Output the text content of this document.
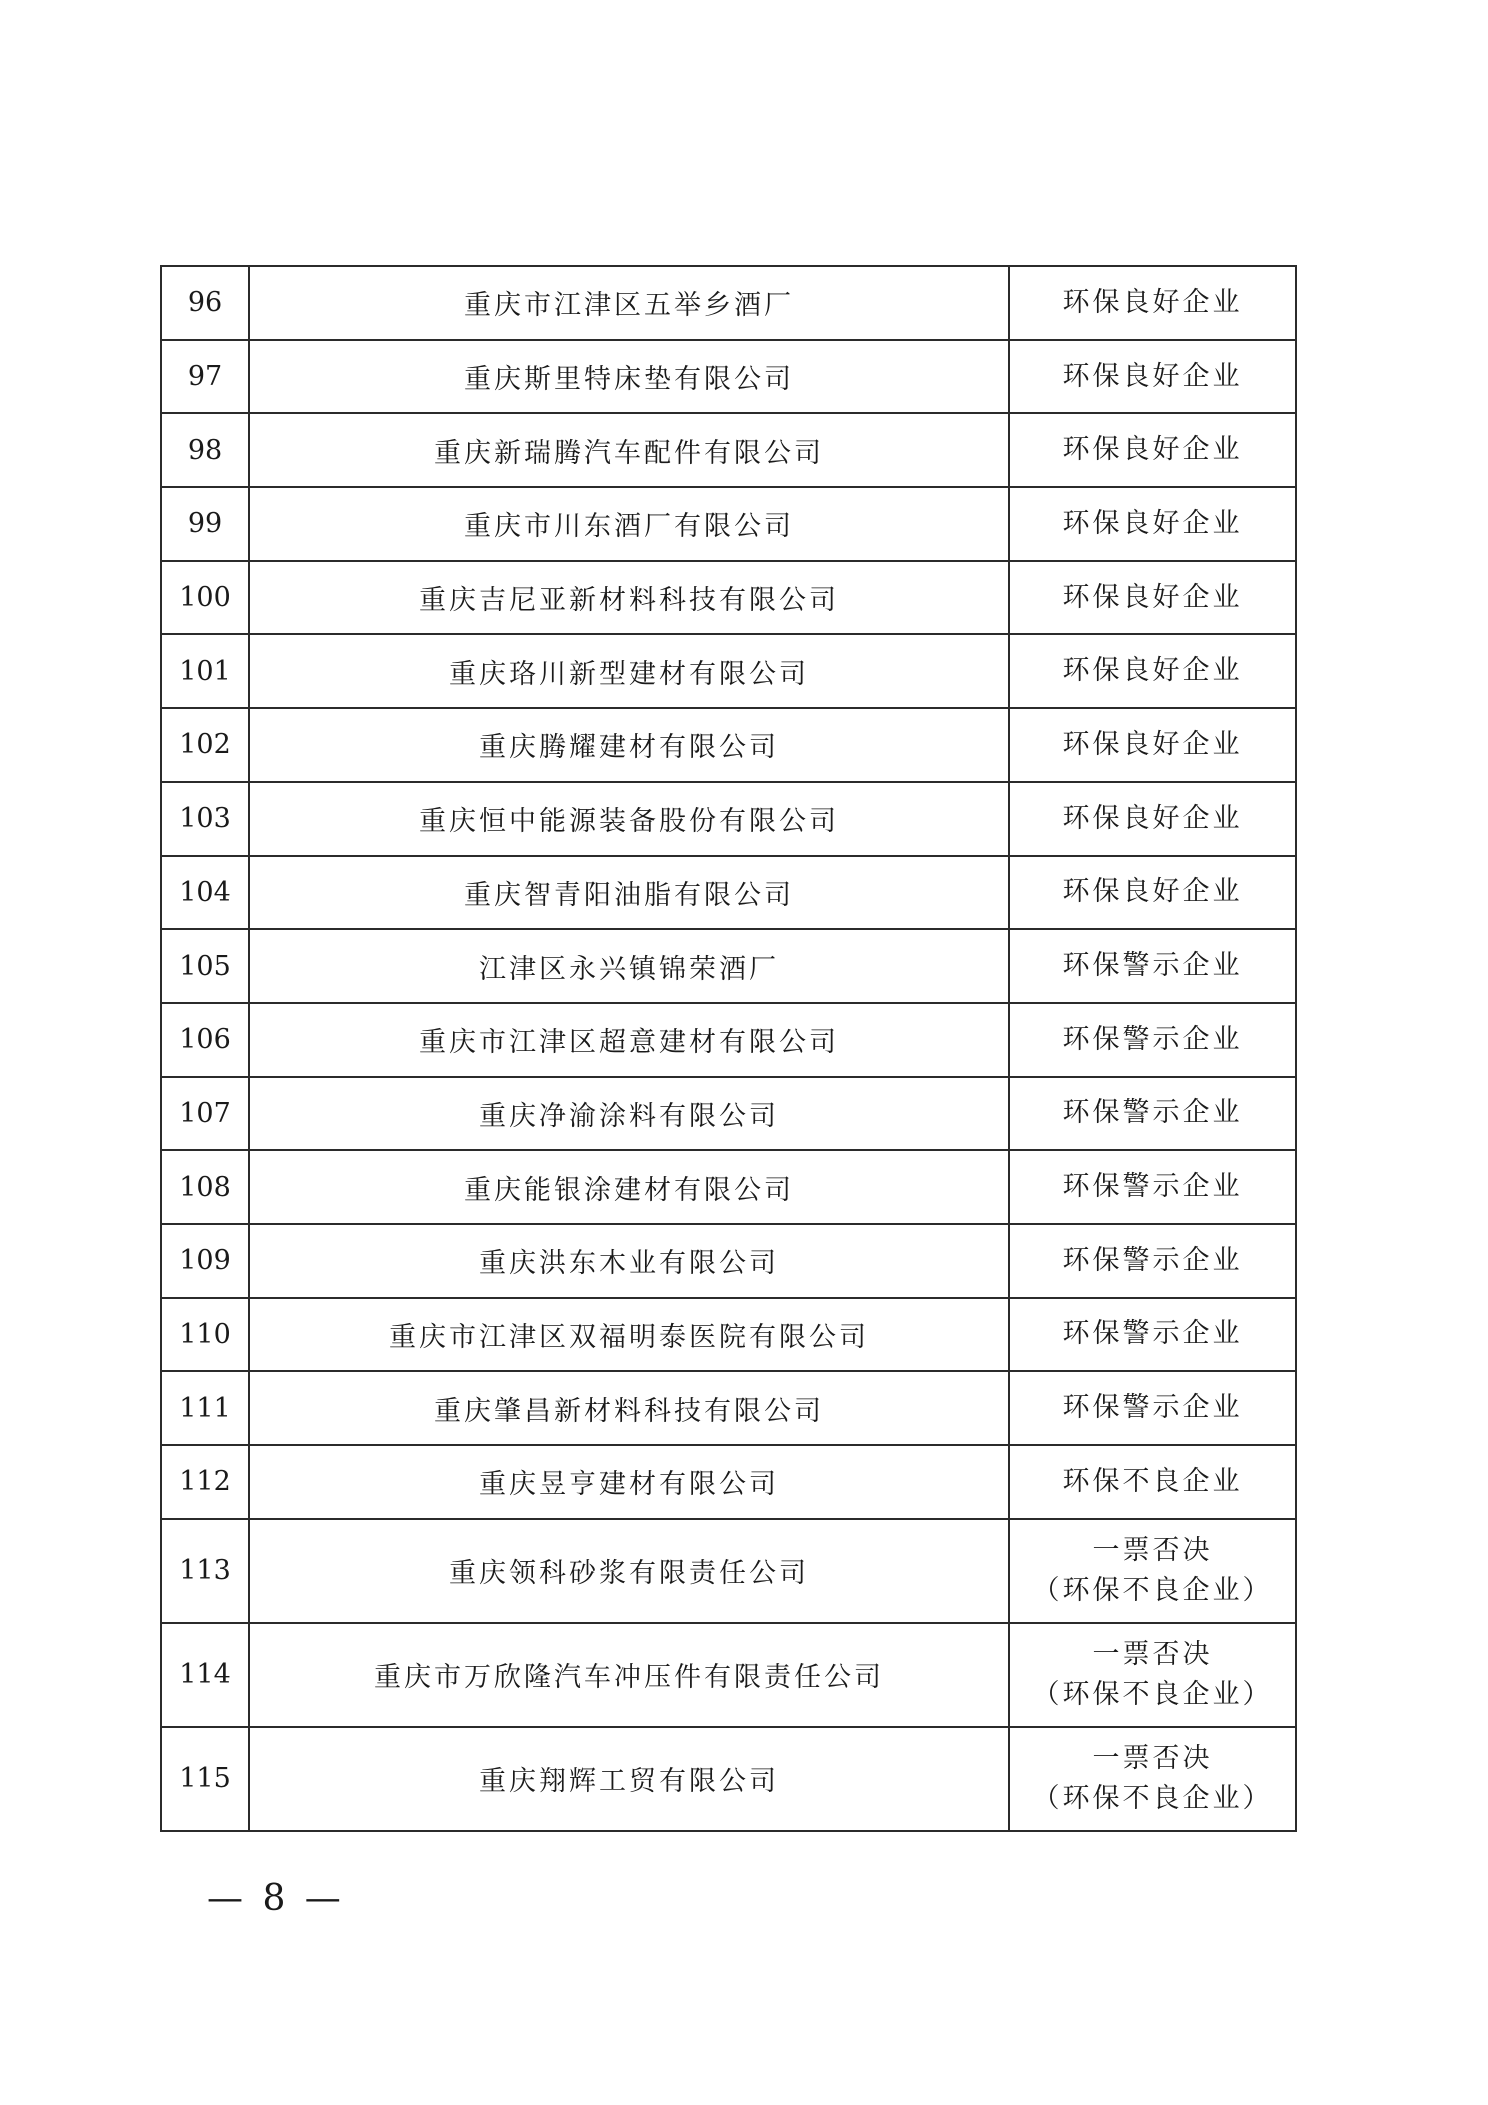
96	重庆市江津区五举乡酒厂	环保良好企业

97	重庆斯里特床垫有限公司	环保良好企业

98	重庆新瑞腾汽车配件有限公司	环保良好企业

99	重庆市川东酒厂有限公司	环保良好企业

100	重庆吉尼亚新材料科技有限公司	环保良好企业

101	重庆珞川新型建材有限公司	环保良好企业

102	重庆腾耀建材有限公司	环保良好企业

103	重庆恒中能源装备股份有限公司	环保良好企业

104	重庆智青阳油脂有限公司	环保良好企业

105	江津区永兴镇锦荣酒厂	环保警示企业

106	重庆市江津区超意建材有限公司	环保警示企业

107	重庆净渝涂料有限公司	环保警示企业

108	重庆能银涂建材有限公司	环保警示企业

109	重庆洪东木业有限公司	环保警示企业

110	重庆市江津区双福明泰医院有限公司	环保警示企业

111	重庆肇昌新材料科技有限公司	环保警示企业

112	重庆昱亨建材有限公司	环保不良企业

113	重庆领科砂浆有限责任公司	一票否决
（环保不良企业）

114	重庆市万欣隆汽车冲压件有限责任公司	一票否决
（环保不良企业）

115	重庆翔辉工贸有限公司	一票否决
（环保不良企业）
— 8 —
